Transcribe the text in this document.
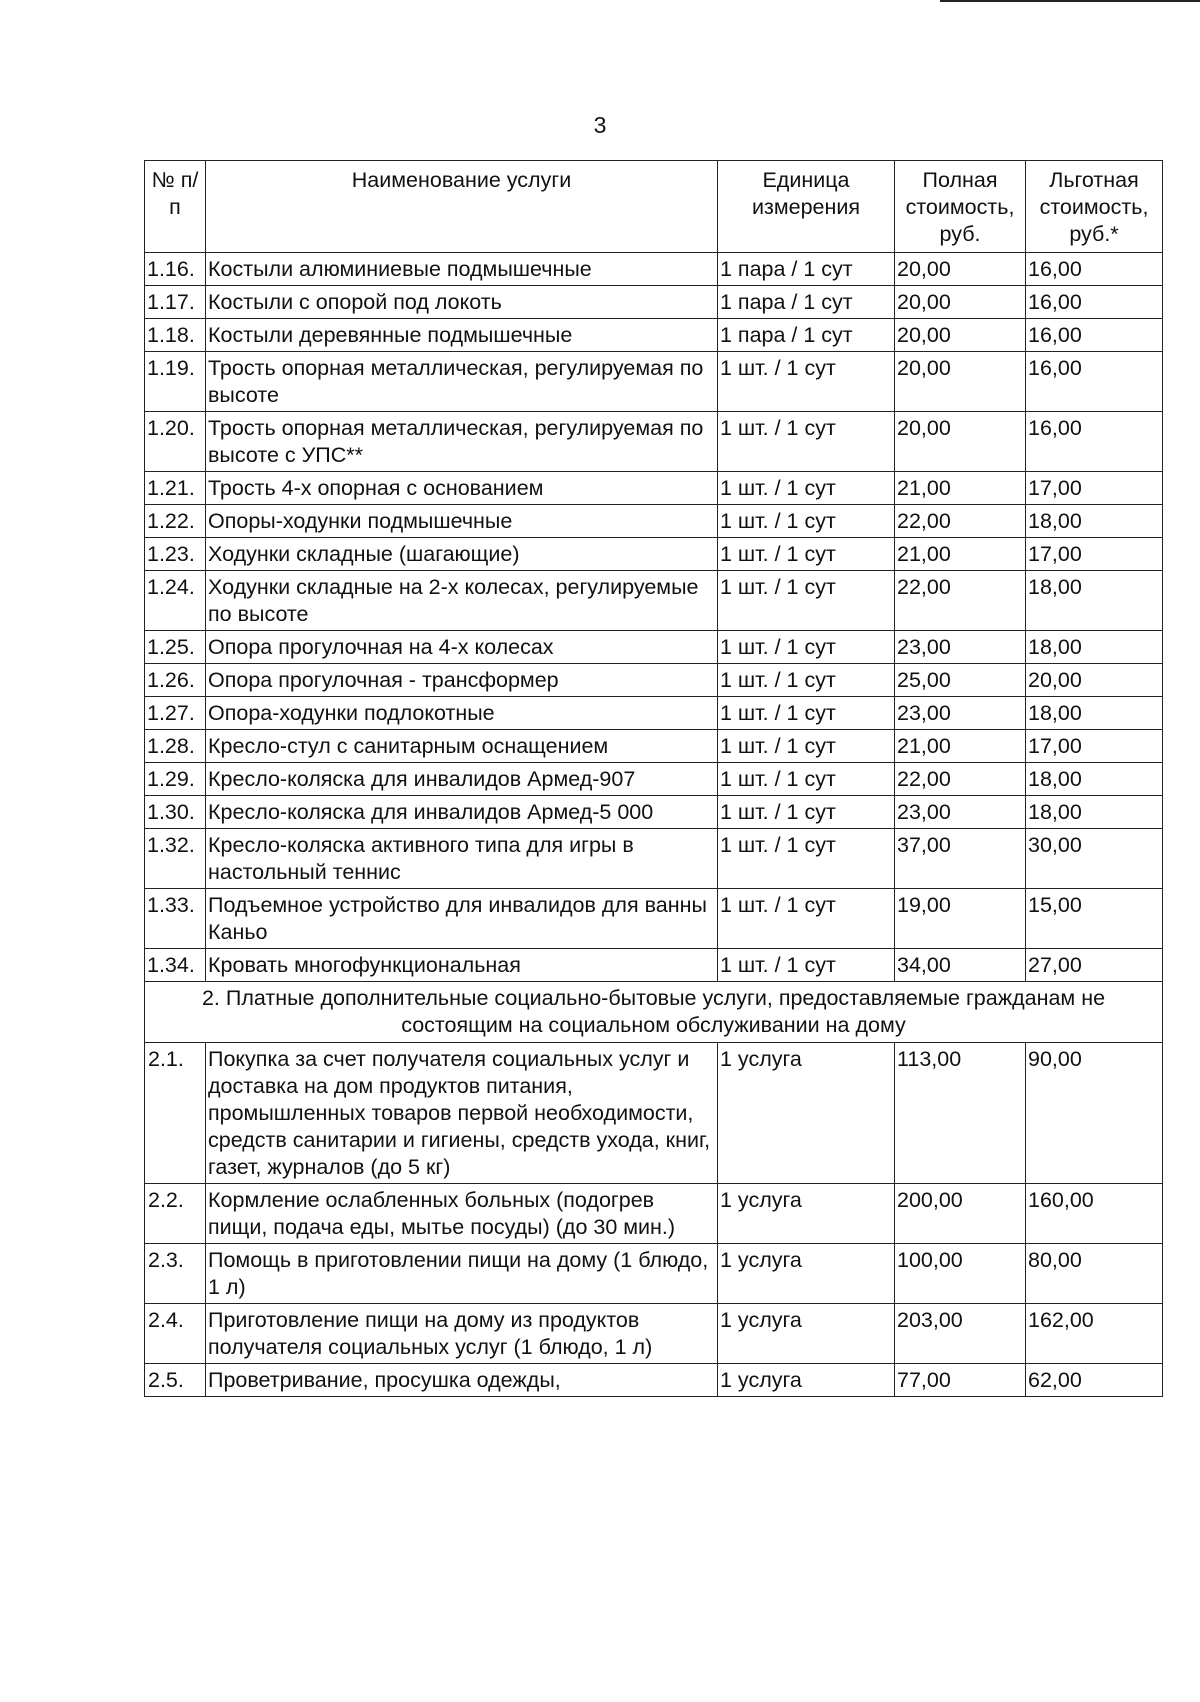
3
№ п/п	Наименование услуги	Единица измерения	Полная стоимость, руб.	Льготная стоимость, руб.*
1.16.	Костыли алюминиевые подмышечные	1 пара / 1 сут	20,00	16,00
1.17.	Костыли с опорой под локоть	1 пара / 1 сут	20,00	16,00
1.18.	Костыли деревянные подмышечные	1 пара / 1 сут	20,00	16,00
1.19.	Трость опорная металлическая, регулируемая по высоте	1 шт. / 1 сут	20,00	16,00
1.20.	Трость опорная металлическая, регулируемая по высоте с УПС**	1 шт. / 1 сут	20,00	16,00
1.21.	Трость 4-х опорная с основанием	1 шт. / 1 сут	21,00	17,00
1.22.	Опоры-ходунки подмышечные	1 шт. / 1 сут	22,00	18,00
1.23.	Ходунки складные (шагающие)	1 шт. / 1 сут	21,00	17,00
1.24.	Ходунки складные на 2-х колесах, регулируемые по высоте	1 шт. / 1 сут	22,00	18,00
1.25.	Опора прогулочная на 4-х колесах	1 шт. / 1 сут	23,00	18,00
1.26.	Опора прогулочная - трансформер	1 шт. / 1 сут	25,00	20,00
1.27.	Опора-ходунки подлокотные	1 шт. / 1 сут	23,00	18,00
1.28.	Кресло-стул с санитарным оснащением	1 шт. / 1 сут	21,00	17,00
1.29.	Кресло-коляска для инвалидов Армед-907	1 шт. / 1 сут	22,00	18,00
1.30.	Кресло-коляска для инвалидов Армед-5 000	1 шт. / 1 сут	23,00	18,00
1.32.	Кресло-коляска активного типа для игры в настольный теннис	1 шт. / 1 сут	37,00	30,00
1.33.	Подъемное устройство для инвалидов для ванны Каньо	1 шт. / 1 сут	19,00	15,00
1.34.	Кровать многофункциональная	1 шт. / 1 сут	34,00	27,00
2. Платные дополнительные социально-бытовые услуги, предоставляемые гражданам не состоящим на социальном обслуживании на дому				
2.1.	Покупка за счет получателя социальных услуг и доставка на дом продуктов питания, промышленных товаров первой необходимости, средств санитарии и гигиены, средств ухода, книг, газет, журналов (до 5 кг)	1 услуга	113,00	90,00
2.2.	Кормление ослабленных больных (подогрев пищи, подача еды, мытье посуды) (до 30 мин.)	1 услуга	200,00	160,00
2.3.	Помощь в приготовлении пищи на дому (1 блюдо, 1 л)	1 услуга	100,00	80,00
2.4.	Приготовление пищи на дому из продуктов получателя социальных услуг (1 блюдо, 1 л)	1 услуга	203,00	162,00
2.5.	Проветривание, просушка одежды,	1 услуга	77,00	62,00
